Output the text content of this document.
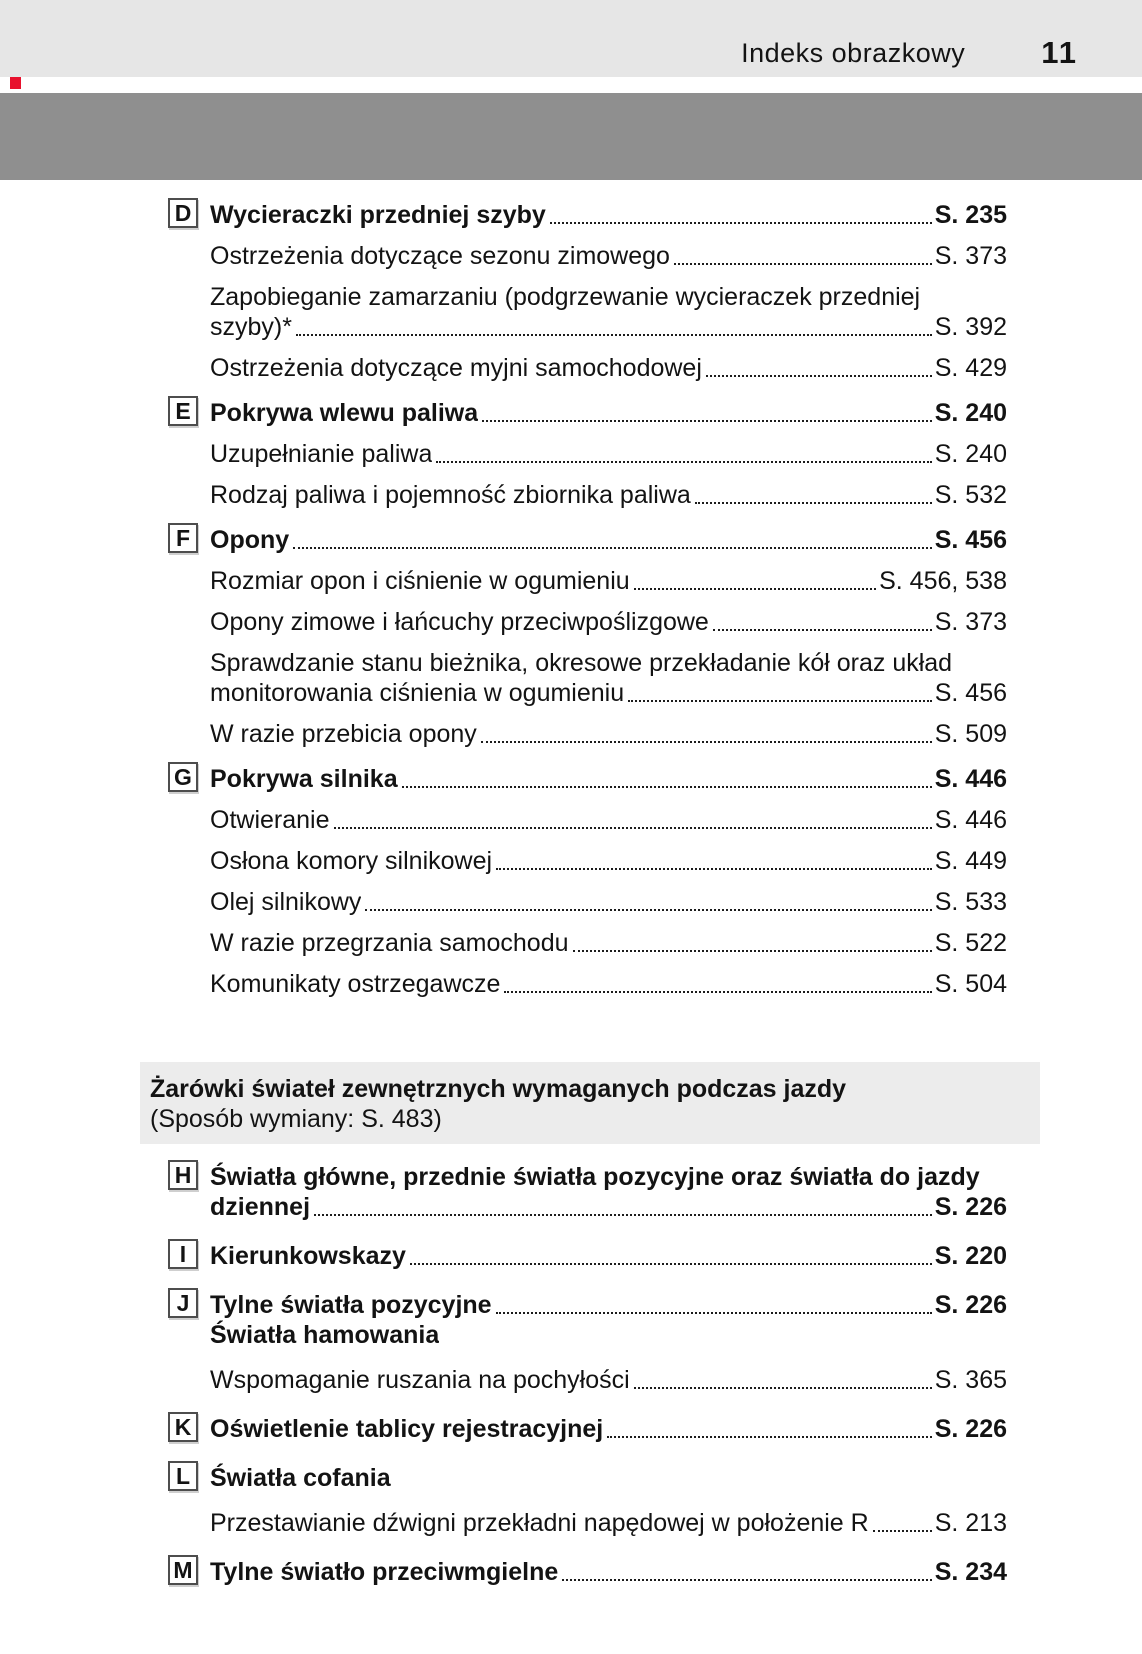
Indeks obrazkowy 11
D Wycieraczki przedniej szyby	S. 235
Ostrzeżenia dotyczące sezonu zimowego	S. 373
Zapobieganie zamarzaniu (podgrzewanie wycieraczek przedniej
szyby)*	S. 392
Ostrzeżenia dotyczące myjni samochodowej	S. 429
E Pokrywa wlewu paliwa	S. 240
Uzupełnianie paliwa	S. 240
Rodzaj paliwa i pojemność zbiornika paliwa	S. 532
F Opony	S. 456
Rozmiar opon i ciśnienie w ogumieniu	S. 456, 538
Opony zimowe i łańcuchy przeciwpoślizgowe	S. 373
Sprawdzanie stanu bieżnika, okresowe przekładanie kół oraz układ
monitorowania ciśnienia w ogumieniu	S. 456
W razie przebicia opony	S. 509
G Pokrywa silnika	S. 446
Otwieranie	S. 446
Osłona komory silnikowej	S. 449
Olej silnikowy	S. 533
W razie przegrzania samochodu	S. 522
Komunikaty ostrzegawcze	S. 504
Żarówki świateł zewnętrznych wymaganych podczas jazdy
(Sposób wymiany: S. 483)
H Światła główne, przednie światła pozycyjne oraz światła do jazdy
dziennej	S. 226
I Kierunkowskazy	S. 220
J Tylne światła pozycyjne	S. 226
Światła hamowania
Wspomaganie ruszania na pochyłości	S. 365
K Oświetlenie tablicy rejestracyjnej	S. 226
L Światła cofania
Przestawianie dźwigni przekładni napędowej w położenie R	S. 213
M Tylne światło przeciwmgielne	S. 234
